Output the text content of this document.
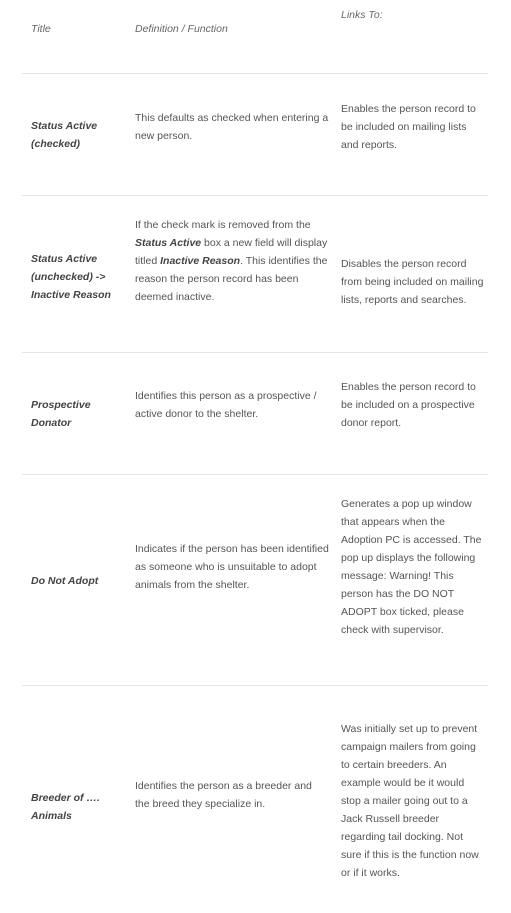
Title	Definition / Function
Links To:
Status Active (checked)
This defaults as checked when entering a new person.
Enables the person record to be included on mailing lists and reports.
Status Active (unchecked) -> Inactive Reason
If the check mark is removed from the Status Active box a new field will display titled Inactive Reason. This identifies the reason the person record has been deemed inactive.
Disables the person record from being included on mailing lists, reports and searches.
Prospective Donator
Identifies this person as a prospective / active donor to the shelter.
Enables the person record to be included on a prospective donor report.
Do Not Adopt
Indicates if the person has been identified as someone who is unsuitable to adopt animals from the shelter.
Generates a pop up window that appears when the Adoption PC is accessed. The pop up displays the following message: Warning! This person has the DO NOT ADOPT box ticked, please check with supervisor.
Breeder of …. Animals
Identifies the person as a breeder and the breed they specialize in.
Was initially set up to prevent campaign mailers from going to certain breeders. An example would be it would stop a mailer going out to a Jack Russell breeder regarding tail docking. Not sure if this is the function now or if it works.
